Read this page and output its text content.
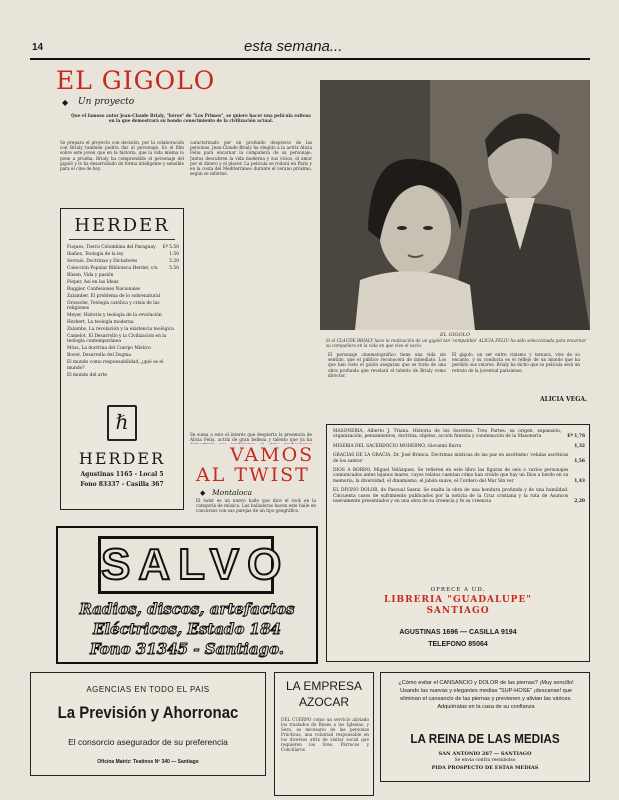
14	esta semana...
EL GIGOLO
◆ Un proyecto
Que el famoso autor Jean-Claude Brialy, "héroe" de "Los Primos", se quiere hacer una película exitosa en la que demostrará su hondo conocimiento de la civilización actual.
Se prepara el proyecto con decisión, por la colaboración con Brialy también podría dar al personaje. Es el film sobre este joven que en la historia, que la vida misma lo pone a prueba. Brialy ha comprendido el personaje del gigoló y lo ha desarrollado de forma inteligente y sensible para el cine de hoy.
caracterizado por un profundo desprecio de las personas. Jean-Claude Brialy ha elegido a la actriz Alicia Feliu para encarnar la compañera de su personaje. Juntos descubren la vida moderna y sus vicios, el amor por el dinero y el placer. La película se rodará en París y en la costa del Mediterráneo durante el verano próximo, según se informó.
EL GIGOLO
Si el CLAUDE BRIALY hace la realización de un gigoló tan 'compatible' ALICIA FELIU ha sido seleccionada para encarnar su compañera en la vida en que vive el vacío.
El personaje cinematográfico tiene una vida sin sentido, que el público reconocerá de inmediato. Los que han visto el guión aseguran que se trata de una obra profunda que revelará el talento de Brialy como director.
El gigolo, un ser entre cinismo y ternura, vive de su encanto, y su conducta es el reflejo de un mundo que ha perdido sus valores. Brialy ha dicho que su película será un retrato de la juventud parisiense.
ALICIA VEGA.
Se suma a esto el interés que despierta la presencia de Alicia Feliu, actriz de gran belleza y talento que ya ha
HERDER
Fuques, Tierra Colombina del Paraguay	Eº 5.50
Ibañez, Teología de la ley	1.50
Sevrais, Doctrinas y Dictadores	5.20
Colección Popular Biblioteca Herder, c/u	5.50
Rüsen, Vida y pasión
Pieper, Así en las Ideas
Ruggier, Confesiones Nacionales
Zalamber, El problema de lo sobrenatural
Grossche, Teología católica y crisis de las religiones
Meyer, Historia y teología de la revolución
Herbert, La teología moderna
Zalambs, La revolución y la existencia teológica
Camelot, El Desarrollo y la Civilización en la teología contemporánea
Möss, La doctrina del Cuerpo Místico
Bover, Desarrollo del Dogma
El mundo como responsabilidad, ¿qué es el mundo?
El mundo del arte
ℏ
HERDER
Agustinas 1165 - Local 5
Fono 83337 - Casilla 367
VAMOS
AL TWIST
◆ Montaloca
El twist es un nuevo baile que dice el rock en la categoría de música. Las bailadoras hacen este baile en concursos con sus parejas de un tipo geográfico.
SALVO
Radios, discos, artefactos
Eléctricos, Estado 184
Fono 31345 - Santiago.
MASONERIA, Alberto J. Triana. Historia de los Secretos. Tres Partes: su origen, expansión, organización, pensamientos, doctrina, objetos, acción funesta y condenación de la Masonería	Eº 1,76
MISERIA DEL SACERDOCIO MODERNO, Giovanni Barra	1,32
GRACIAS DE LA GRACIA, Dr. José Branca. Doctrinas místicas de las paz en ascétismo 'celulas ascéticas de los santos'	1,56
DIOS A BORDO, Miguel Velázquez. Se refieren en este libro las figuras de seis o varios personajes comunicados antes lejanos mares, cuyos relatos cuentan cómo han creído que hay un Dios a bordo en su memoria, la diversidad, el dinamismo, el jabón suave, el Cordero del Mar Sin ver	1,43
EL DIVINO DOLOR, de Pascual Saenz. Se exalta la obra de una hondura profunda y de una humildad. Cincuenta casos de sufrimiento publicados por la noticia de la Cruz cristiana y la ruta de Asuncos nuevamente presentados y en una obra de su creencia y fe su creencia	2,20
OFRECE A UD.
LIBRERIA "GUADALUPE"
SANTIAGO
AGUSTINAS 1696 — CASILLA 9194
TELEFONO 85064
AGENCIAS EN TODO EL PAIS
La Previsión y Ahorronac
El consorcio asegurador de su preferencia
Oficina Matriz: Teatinos Nº 340 — Santiago
LA EMPRESA
AZOCAR
DEL CUERPO como un servicio aliviado los traslados de Buses a los Iglesias, y Sera, es necesario de las personas Prácticas, una voluntad responsable en los diversos atrix de visitar social que requieren los Sres. Párrocos y Conciliaros
¿Cómo evitar el CANSANCIO y DOLOR de las piernas? ¡Muy sencillo! Usando las nuevas y elegantes medias "SUP-HOSE" ¡descanse! que eliminan el cansancio de las piernas y previenen y alivian las várices. Adquiéralas en la casa de su confianza
LA REINA DE LAS MEDIAS
SAN ANTONIO 267 — SANTIAGO
Se envía contra reembolso
PIDA PROSPECTO DE ESTAS MEDIAS
